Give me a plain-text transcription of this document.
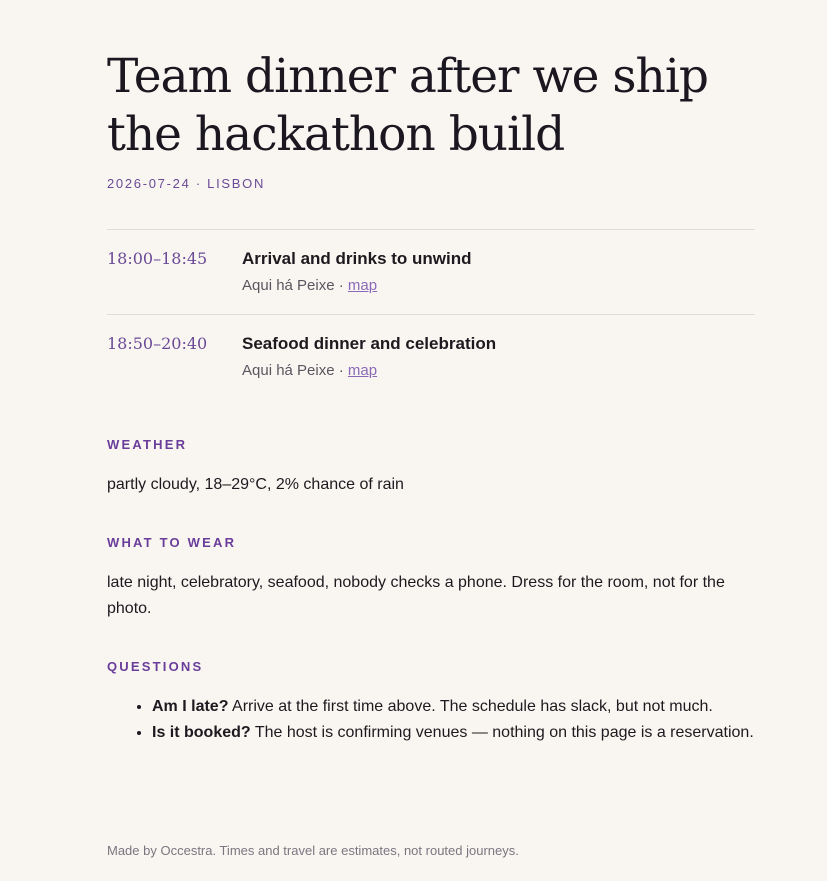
Team dinner after we ship the hackathon build
2026-07-24 · LISBON
18:00–18:45	Arrival and drinks to unwind
Aqui há Peixe · map
18:50–20:40	Seafood dinner and celebration
Aqui há Peixe · map
WEATHER

partly cloudy, 18–29°C, 2% chance of rain

WHAT TO WEAR

late night, celebratory, seafood, nobody checks a phone. Dress for the room, not for the photo.

QUESTIONS
• Am I late? Arrive at the first time above. The schedule has slack, but not much.
• Is it booked? The host is confirming venues — nothing on this page is a reservation.
Made by Occestra. Times and travel are estimates, not routed journeys.
